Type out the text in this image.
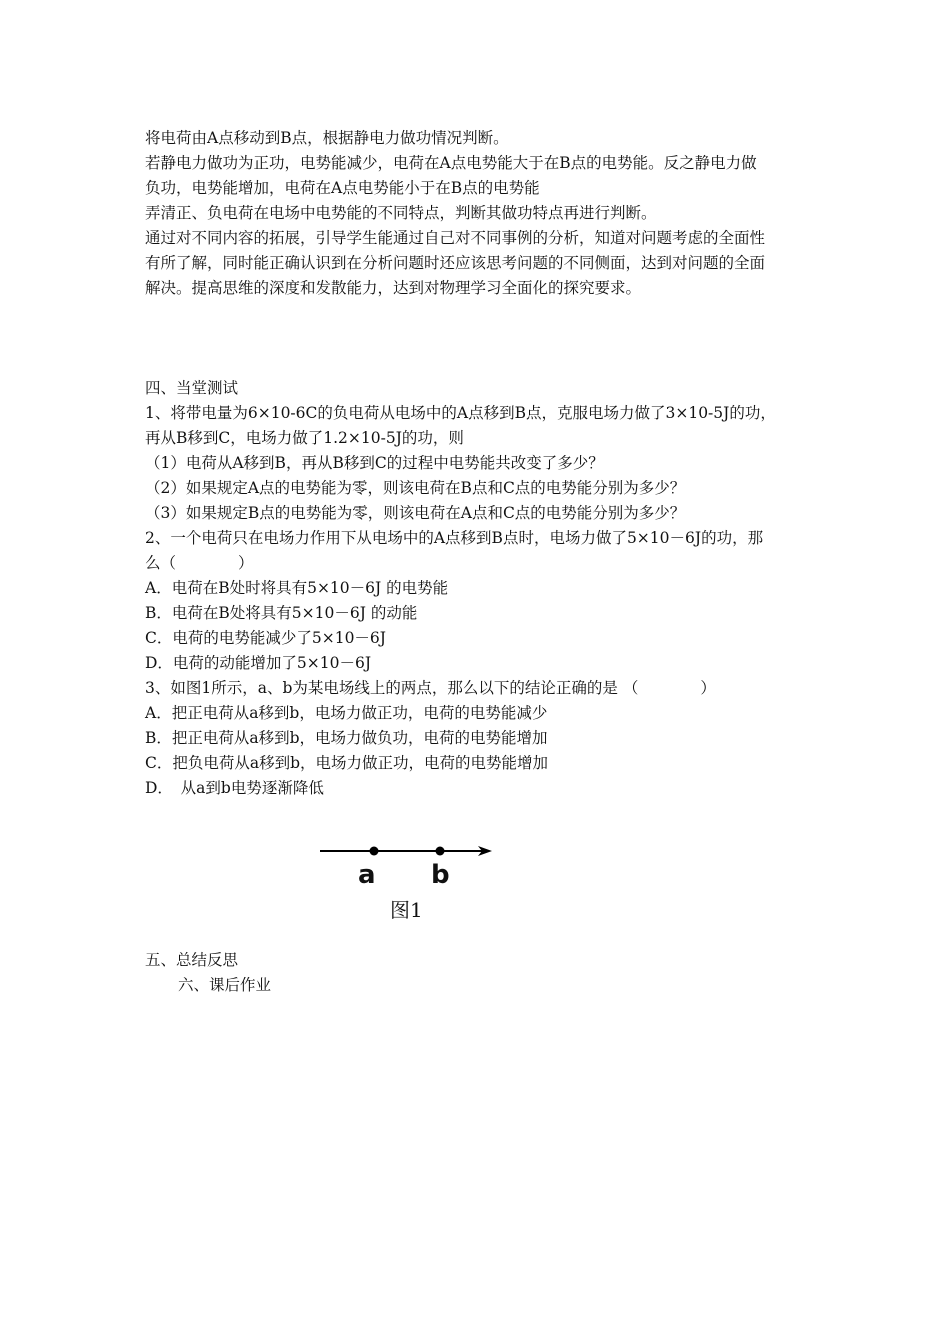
将电荷由A点移动到B点，根据静电力做功情况判断。
若静电力做功为正功，电势能减少，电荷在A点电势能大于在B点的电势能。反之静电力做
负功，电势能增加，电荷在A点电势能小于在B点的电势能
弄清正、负电荷在电场中电势能的不同特点，判断其做功特点再进行判断。
通过对不同内容的拓展，引导学生能通过自己对不同事例的分析，知道对问题考虑的全面性
有所了解，同时能正确认识到在分析问题时还应该思考问题的不同侧面，达到对问题的全面
解决。提高思维的深度和发散能力，达到对物理学习全面化的探究要求。
四、当堂测试
1、将带电量为6×10-6C的负电荷从电场中的A点移到B点，克服电场力做了3×10-5J的功，
再从B移到C，电场力做了1.2×10-5J的功，则
（1）电荷从A移到B，再从B移到C的过程中电势能共改变了多少？
（2）如果规定A点的电势能为零，则该电荷在B点和C点的电势能分别为多少？
（3）如果规定B点的电势能为零，则该电荷在A点和C点的电势能分别为多少？
2、一个电荷只在电场力作用下从电场中的A点移到B点时，电场力做了5×10－6J的功，那
么（　　　　）
A．电荷在B处时将具有5×10－6J 的电势能
B．电荷在B处将具有5×10－6J 的动能
C．电荷的电势能减少了5×10－6J
D．电荷的动能增加了5×10－6J
3、如图1所示，a、b为某电场线上的两点，那么以下的结论正确的是 （　　　　）
A．把正电荷从a移到b，电场力做正功，电荷的电势能减少
B．把正电荷从a移到b，电场力做负功，电荷的电势能增加
C．把负电荷从a移到b，电场力做正功，电荷的电势能增加
D．　从a到b电势逐渐降低
a b
图1
五、总结反思
六、课后作业
